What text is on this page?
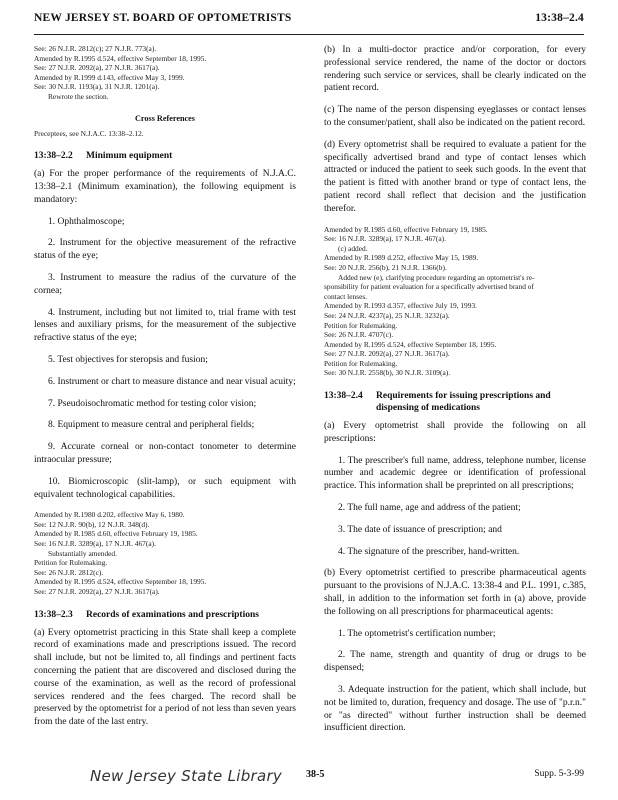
NEW JERSEY ST. BOARD OF OPTOMETRISTS	13:38–2.4
See: 26 N.J.R. 2812(c); 27 N.J.R. 773(a).
Amended by R.1995 d.524, effective September 18, 1995.
See: 27 N.J.R. 2092(a), 27 N.J.R. 3617(a).
Amended by R.1999 d.143, effective May 3, 1999.
See: 30 N.J.R. 1193(a), 31 N.J.R. 1201(a).
Rewrote the section.
Cross References
Preceptees, see N.J.A.C. 13:38–2.12.
13:38–2.2 Minimum equipment

(a) For the proper performance of the requirements of N.J.A.C. 13:38–2.1 (Minimum examination), the following equipment is mandatory:

1. Ophthalmoscope;

2. Instrument for the objective measurement of the refractive status of the eye;

3. Instrument to measure the radius of the curvature of the cornea;

4. Instrument, including but not limited to, trial frame with test lenses and auxiliary prisms, for the measurement of the subjective refractive status of the eye;

5. Test objectives for steropsis and fusion;

6. Instrument or chart to measure distance and near visual acuity;

7. Pseudoisochromatic method for testing color vision;

8. Equipment to measure central and peripheral fields;

9. Accurate corneal or non-contact tonometer to determine intraocular pressure;

10. Biomicroscopic (slit-lamp), or such equipment with equivalent technological capabilities.

Amended by R.1980 d.202, effective May 6, 1980.
See: 12 N.J.R. 90(b), 12 N.J.R. 348(d).
Amended by R.1985 d.60, effective February 19, 1985.
See: 16 N.J.R. 3289(a), 17 N.J.R. 467(a).
Substantially amended.
Petition for Rulemaking.
See: 26 N.J.R. 2812(c).
Amended by R.1995 d.524, effective September 18, 1995.
See: 27 N.J.R. 2092(a), 27 N.J.R. 3617(a).
13:38–2.3 Records of examinations and prescriptions

(a) Every optometrist practicing in this State shall keep a complete record of examinations made and prescriptions issued. The record shall include, but not be limited to, all findings and pertinent facts concerning the patient that are discovered and disclosed during the course of the examination, as well as the record of professional services rendered and the fees charged. The record shall be preserved by the optometrist for a period of not less than seven years from the date of the last entry.

(b) In a multi-doctor practice and/or corporation, for every professional service rendered, the name of the doctor or doctors rendering such service or services, shall be clearly indicated on the patient record.

(c) The name of the person dispensing eyeglasses or contact lenses to the consumer/patient, shall also be indicated on the patient record.

(d) Every optometrist shall be required to evaluate a patient for the specifically advertised brand and type of contact lenses which attracted or induced the patient to seek such goods. In the event that the patient is fitted with another brand or type of contact lens, the patient record shall reflect that decision and the justification therefor.

Amended by R.1985 d.60, effective February 19, 1985.
See: 16 N.J.R. 3289(a), 17 N.J.R. 467(a).
(c) added.
Amended by R.1989 d.252, effective May 15, 1989.
See: 20 N.J.R. 256(b), 21 N.J.R. 1366(b).
Added new (e), clarifying procedure regarding an optometrist's re-
sponsibility for patient evaluation for a specifically advertised brand of
contact lenses.
Amended by R.1993 d.357, effective July 19, 1993.
See: 24 N.J.R. 4237(a), 25 N.J.R. 3232(a).
Petition for Rulemaking.
See: 26 N.J.R. 4707(c).
Amended by R.1995 d.524, effective September 18, 1995.
See: 27 N.J.R. 2092(a), 27 N.J.R. 3617(a).
Petition for Rulemaking.
See: 30 N.J.R. 2558(b), 30 N.J.R. 3109(a).
13:38–2.4 Requirements for issuing prescriptions and
dispensing of medications

(a) Every optometrist shall provide the following on all prescriptions:

1. The prescriber's full name, address, telephone number, license number and academic degree or identification of professional practice. This information shall be preprinted on all prescriptions;

2. The full name, age and address of the patient;

3. The date of issuance of prescription; and

4. The signature of the prescriber, hand-written.

(b) Every optometrist certified to prescribe pharmaceutical agents pursuant to the provisions of N.J.A.C. 13:38-4 and P.L. 1991, c.385, shall, in addition to the information set forth in (a) above, provide the following on all prescriptions for pharmaceutical agents:

1. The optometrist's certification number;

2. The name, strength and quantity of drug or drugs to be dispensed;

3. Adequate instruction for the patient, which shall include, but not be limited to, duration, frequency and dosage. The use of "p.r.n." or "as directed" without further instruction shall be deemed insufficient direction.

New Jersey State Library 38-5	Supp. 5-3-99
